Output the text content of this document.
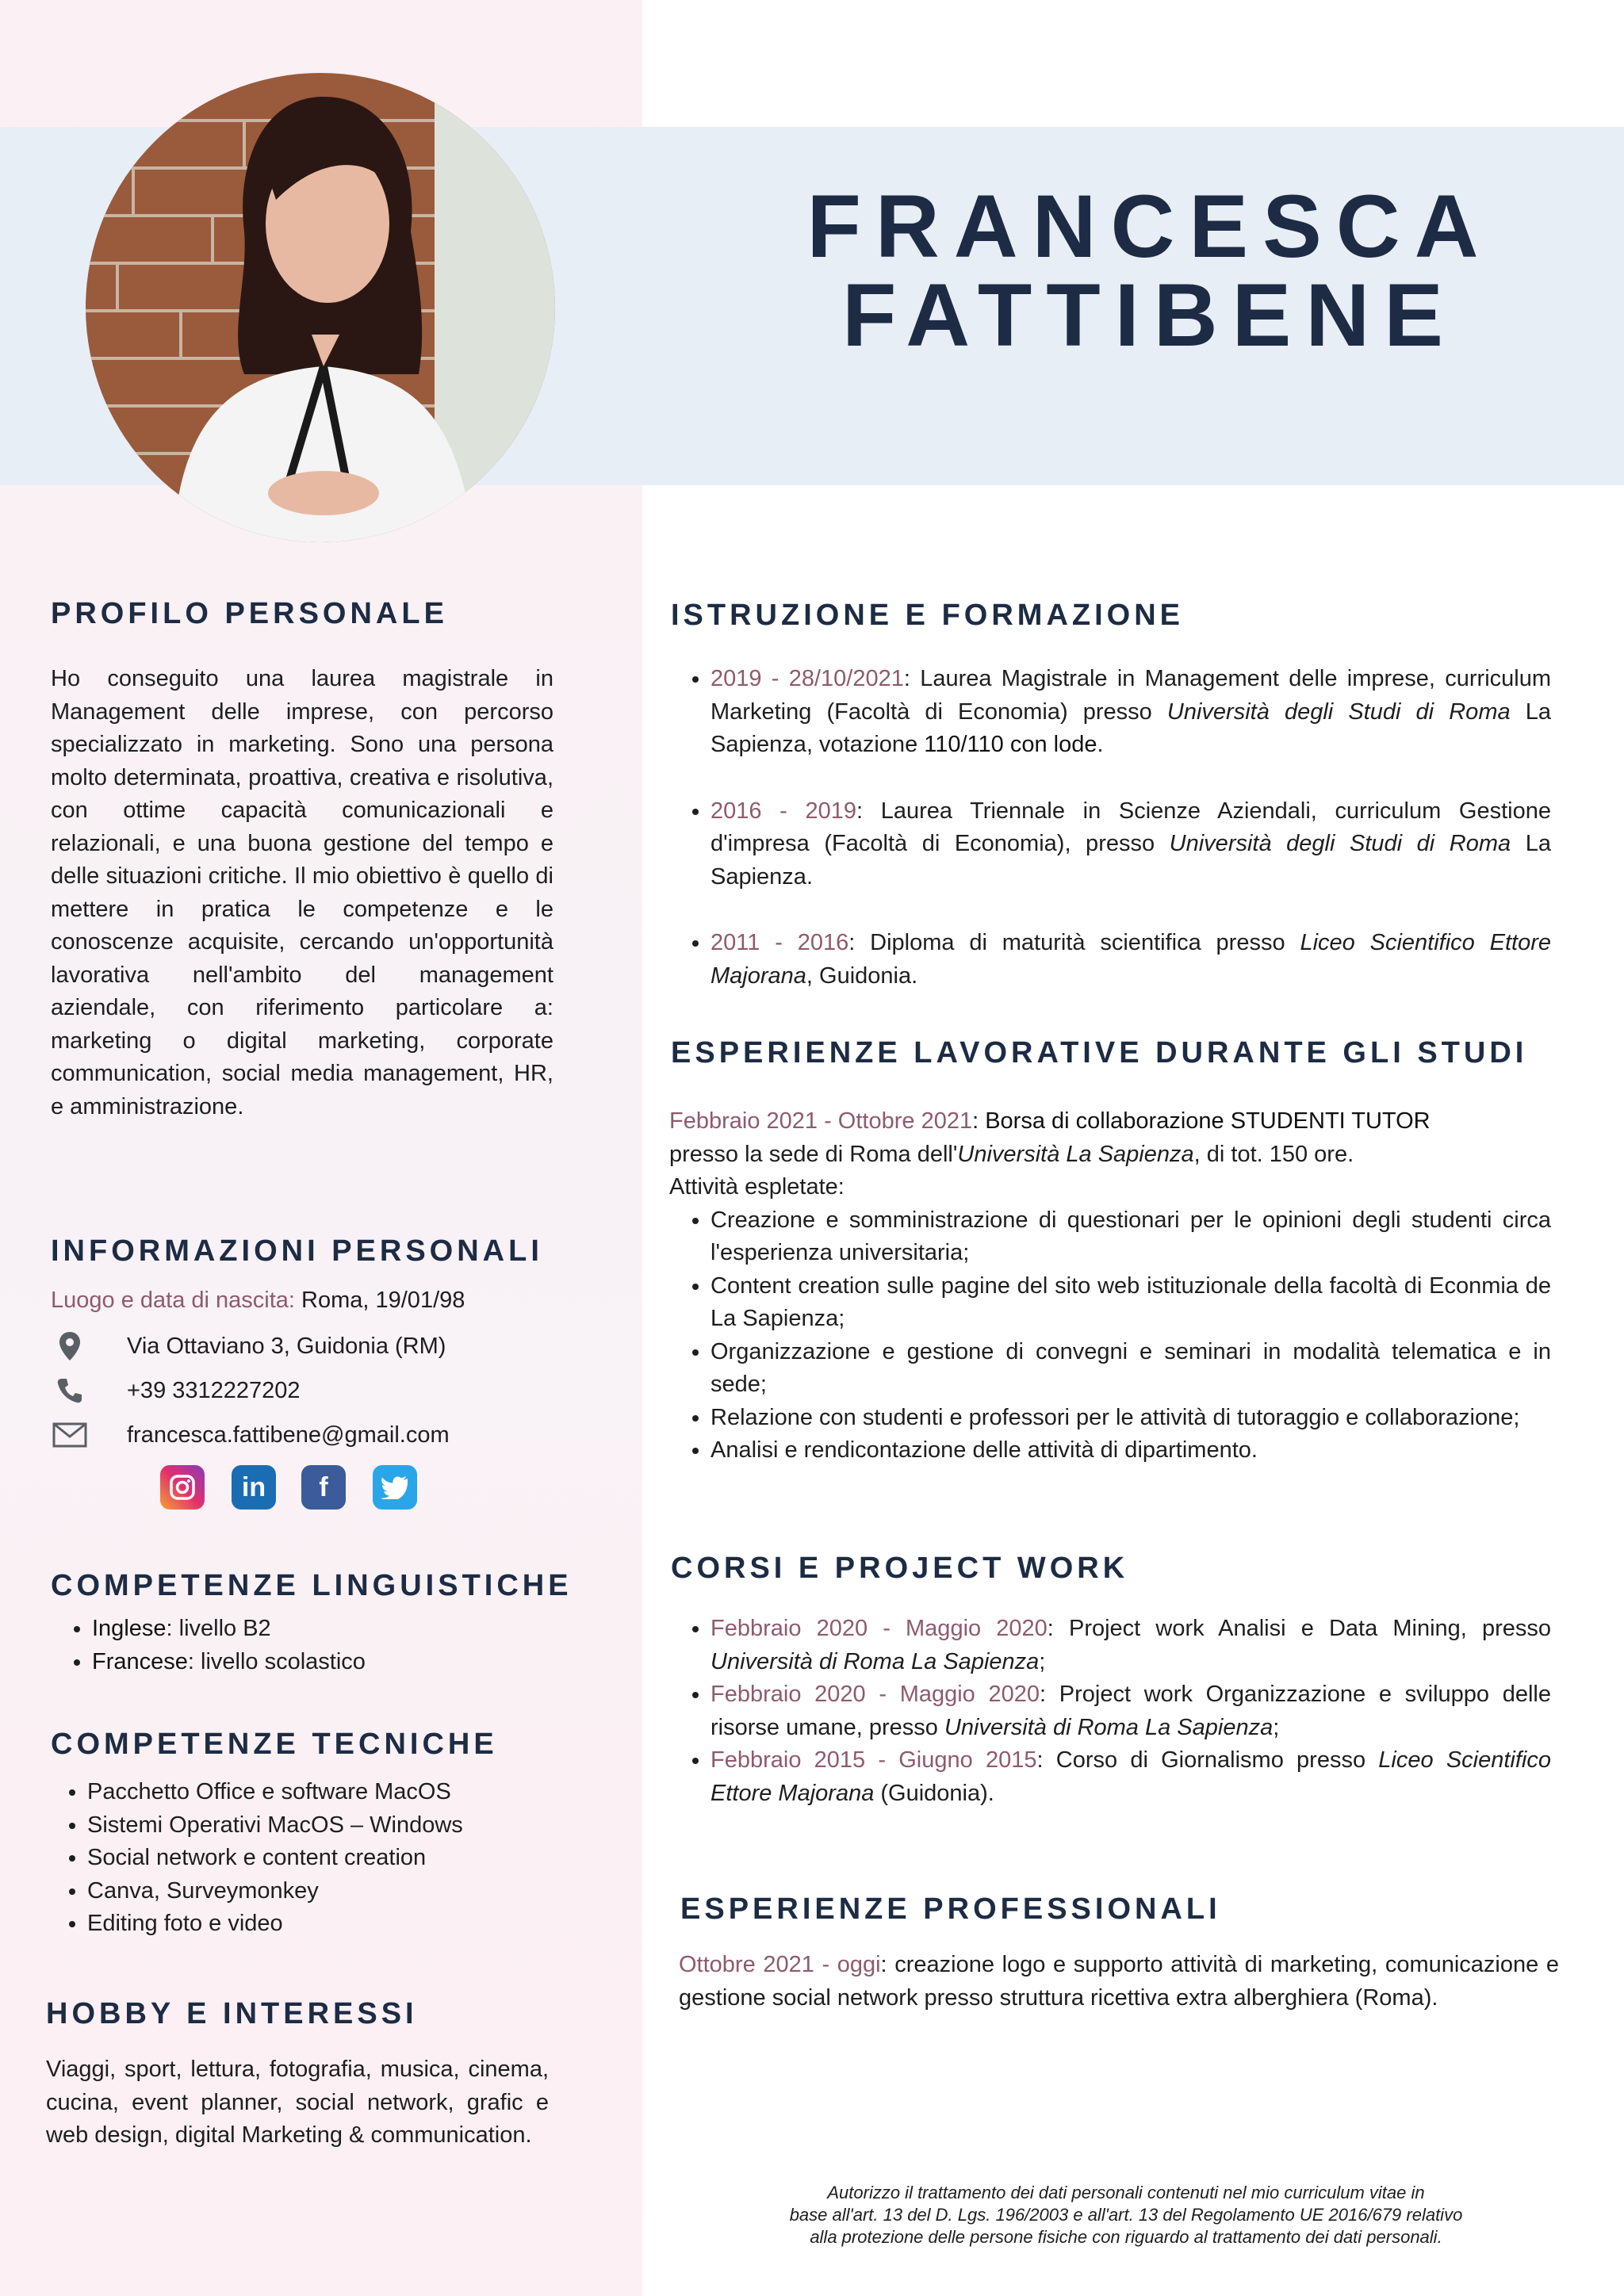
FRANCESCA
FATTIBENE
PROFILO PERSONALE
Ho conseguito una laurea magistrale in Management delle imprese, con percorso specializzato in marketing. Sono una persona molto determinata, proattiva, creativa e risolutiva, con ottime capacità comunicazionali e relazionali, e una buona gestione del tempo e delle situazioni critiche. Il mio obiettivo è quello di mettere in pratica le competenze e le conoscenze acquisite, cercando un'opportunità lavorativa nell'ambito del management aziendale, con riferimento particolare a: marketing o digital marketing, corporate communication, social media management, HR, e amministrazione.
INFORMAZIONI PERSONALI
Luogo e data di nascita: Roma, 19/01/98
Via Ottaviano 3, Guidonia (RM)
+39 3312227202
francesca.fattibene@gmail.com
in	f
COMPETENZE LINGUISTICHE
• Inglese: livello B2
• Francese: livello scolastico
COMPETENZE TECNICHE
• Pacchetto Office e software MacOS
• Sistemi Operativi MacOS – Windows
• Social network e content creation
• Canva, Surveymonkey
• Editing foto e video
HOBBY E INTERESSI
Viaggi, sport, lettura, fotografia, musica, cinema, cucina, event planner, social network, grafic e web design, digital Marketing & communication.
ISTRUZIONE E FORMAZIONE
• 2019 - 28/10/2021: Laurea Magistrale in Management delle imprese, curriculum Marketing (Facoltà di Economia) presso Università degli Studi di Roma La Sapienza, votazione 110/110 con lode.
• 2016 - 2019: Laurea Triennale in Scienze Aziendali, curriculum Gestione d'impresa (Facoltà di Economia), presso Università degli Studi di Roma La Sapienza.
• 2011 - 2016: Diploma di maturità scientifica presso Liceo Scientifico Ettore Majorana, Guidonia.
ESPERIENZE LAVORATIVE DURANTE GLI STUDI
Febbraio 2021 - Ottobre 2021: Borsa di collaborazione STUDENTI TUTOR
presso la sede di Roma dell'Università La Sapienza, di tot. 150 ore.
Attività espletate:
• Creazione e somministrazione di questionari per le opinioni degli studenti circa l'esperienza universitaria;
• Content creation sulle pagine del sito web istituzionale della facoltà di Econmia de La Sapienza;
• Organizzazione e gestione di convegni e seminari in modalità telematica e in sede;
• Relazione con studenti e professori per le attività di tutoraggio e collaborazione;
• Analisi e rendicontazione delle attività di dipartimento.
CORSI E PROJECT WORK
• Febbraio 2020 - Maggio 2020: Project work Analisi e Data Mining, presso Università di Roma La Sapienza;
• Febbraio 2020 - Maggio 2020: Project work Organizzazione e sviluppo delle risorse umane, presso Università di Roma La Sapienza;
• Febbraio 2015 - Giugno 2015: Corso di Giornalismo presso Liceo Scientifico Ettore Majorana (Guidonia).
ESPERIENZE PROFESSIONALI
Ottobre 2021 - oggi: creazione logo e supporto attività di marketing, comunicazione e gestione social network presso struttura ricettiva extra alberghiera (Roma).
Autorizzo il trattamento dei dati personali contenuti nel mio curriculum vitae in
base all'art. 13 del D. Lgs. 196/2003 e all'art. 13 del Regolamento UE 2016/679 relativo
alla protezione delle persone fisiche con riguardo al trattamento dei dati personali.
